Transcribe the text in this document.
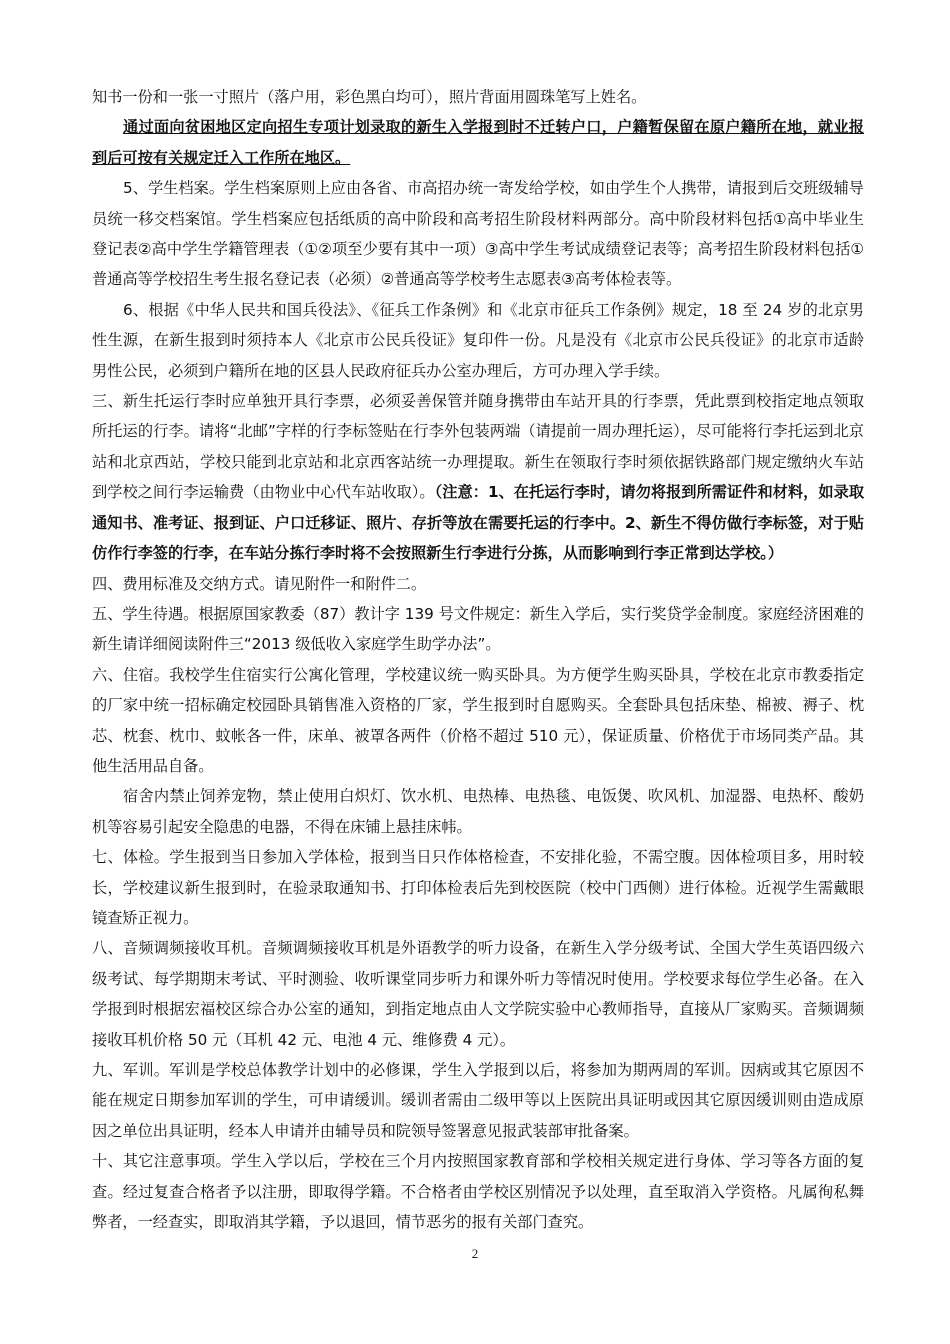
知书一份和一张一寸照片（落户用，彩色黑白均可），照片背面用圆珠笔写上姓名。

通过面向贫困地区定向招生专项计划录取的新生入学报到时不迁转户口，户籍暂保留在原户籍所在地，就业报到后可按有关规定迁入工作所在地区。

5、学生档案。学生档案原则上应由各省、市高招办统一寄发给学校，如由学生个人携带，请报到后交班级辅导员统一移交档案馆。学生档案应包括纸质的高中阶段和高考招生阶段材料两部分。高中阶段材料包括①高中毕业生登记表②高中学生学籍管理表（①②项至少要有其中一项）③高中学生考试成绩登记表等；高考招生阶段材料包括①普通高等学校招生考生报名登记表（必须）②普通高等学校考生志愿表③高考体检表等。

6、根据《中华人民共和国兵役法》、《征兵工作条例》和《北京市征兵工作条例》规定，18 至 24 岁的北京男性生源，在新生报到时须持本人《北京市公民兵役证》复印件一份。凡是没有《北京市公民兵役证》的北京市适龄男性公民，必须到户籍所在地的区县人民政府征兵办公室办理后，方可办理入学手续。

三、新生托运行李时应单独开具行李票，必须妥善保管并随身携带由车站开具的行李票，凭此票到校指定地点领取所托运的行李。请将“北邮”字样的行李标签贴在行李外包装两端（请提前一周办理托运），尽可能将行李托运到北京站和北京西站，学校只能到北京站和北京西客站统一办理提取。新生在领取行李时须依据铁路部门规定缴纳火车站到学校之间行李运输费（由物业中心代车站收取）。（注意：1、在托运行李时，请勿将报到所需证件和材料，如录取通知书、准考证、报到证、户口迁移证、照片、存折等放在需要托运的行李中。2、新生不得仿做行李标签，对于贴仿作行李签的行李，在车站分拣行李时将不会按照新生行李进行分拣，从而影响到行李正常到达学校。）

四、费用标准及交纳方式。请见附件一和附件二。

五、学生待遇。根据原国家教委（87）教计字 139 号文件规定：新生入学后，实行奖贷学金制度。家庭经济困难的新生请详细阅读附件三“2013 级低收入家庭学生助学办法”。

六、住宿。我校学生住宿实行公寓化管理，学校建议统一购买卧具。为方便学生购买卧具，学校在北京市教委指定的厂家中统一招标确定校园卧具销售准入资格的厂家，学生报到时自愿购买。全套卧具包括床垫、棉被、褥子、枕芯、枕套、枕巾、蚊帐各一件，床单、被罩各两件（价格不超过 510 元），保证质量、价格优于市场同类产品。其他生活用品自备。

宿舍内禁止饲养宠物，禁止使用白炽灯、饮水机、电热棒、电热毯、电饭煲、吹风机、加湿器、电热杯、酸奶机等容易引起安全隐患的电器，不得在床铺上悬挂床帏。

七、体检。学生报到当日参加入学体检，报到当日只作体格检查，不安排化验，不需空腹。因体检项目多，用时较长，学校建议新生报到时，在验录取通知书、打印体检表后先到校医院（校中门西侧）进行体检。近视学生需戴眼镜查矫正视力。

八、音频调频接收耳机。音频调频接收耳机是外语教学的听力设备，在新生入学分级考试、全国大学生英语四级六级考试、每学期期末考试、平时测验、收听课堂同步听力和课外听力等情况时使用。学校要求每位学生必备。在入学报到时根据宏福校区综合办公室的通知，到指定地点由人文学院实验中心教师指导，直接从厂家购买。音频调频接收耳机价格 50 元（耳机 42 元、电池 4 元、维修费 4 元）。

九、军训。军训是学校总体教学计划中的必修课，学生入学报到以后，将参加为期两周的军训。因病或其它原因不能在规定日期参加军训的学生，可申请缓训。缓训者需由二级甲等以上医院出具证明或因其它原因缓训则由造成原因之单位出具证明，经本人申请并由辅导员和院领导签署意见报武装部审批备案。

十、其它注意事项。学生入学以后，学校在三个月内按照国家教育部和学校相关规定进行身体、学习等各方面的复查。经过复查合格者予以注册，即取得学籍。不合格者由学校区别情况予以处理，直至取消入学资格。凡属徇私舞弊者，一经查实，即取消其学籍，予以退回，情节恶劣的报有关部门查究。

2
